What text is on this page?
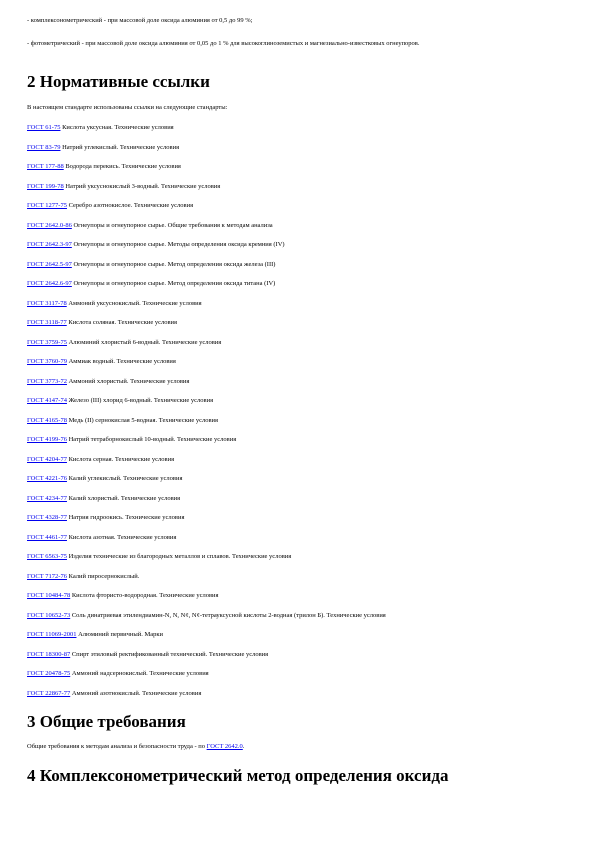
- комплексонометрический - при массовой доле оксида алюминия от 0,5 до 99 %;

- фотометрический - при массовой доле оксида алюминия от 0,05 до 1 % для высокоглиноземистых и магнезиально-известковых огнеупоров.

2 Нормативные ссылки

В настоящем стандарте использованы ссылки на следующие стандарты:

ГОСТ 61-75 Кислота уксусная. Технические условия
ГОСТ 83-79 Натрий углекислый. Технические условия
ГОСТ 177-88 Водорода перекись. Технические условия
ГОСТ 199-78 Натрий уксуснокислый 3-водный. Технические условия
ГОСТ 1277-75 Серебро азотнокислое. Технические условия
ГОСТ 2642.0-86 Огнеупоры и огнеупорное сырье. Общие требования к методам анализа
ГОСТ 2642.3-97 Огнеупоры и огнеупорное сырье. Методы определения оксида кремния (IV)
ГОСТ 2642.5-97 Огнеупоры и огнеупорное сырье. Метод определения оксида железа (III)
ГОСТ 2642.6-97 Огнеупоры и огнеупорное сырье. Метод определения оксида титана (IV)
ГОСТ 3117-78 Аммоний уксуснокислый. Технические условия
ГОСТ 3118-77 Кислота соляная. Технические условия
ГОСТ 3759-75 Алюминий хлористый 6-водный. Технические условия
ГОСТ 3760-79 Аммиак водный. Технические условия
ГОСТ 3773-72 Аммоний хлористый. Технические условия
ГОСТ 4147-74 Железо (III) хлорид 6-водный. Технические условия
ГОСТ 4165-78 Медь (II) сернокислая 5-водная. Технические условия
ГОСТ 4199-76 Натрий тетраборнокислый 10-водный. Технические условия
ГОСТ 4204-77 Кислота серная. Технические условия
ГОСТ 4221-76 Калий углекислый. Технические условия
ГОСТ 4234-77 Калий хлористый. Технические условия
ГОСТ 4328-77 Натрия гидроокись. Технические условия
ГОСТ 4461-77 Кислота азотная. Технические условия
ГОСТ 6563-75 Изделия технические из благородных металлов и сплавов. Технические условия
ГОСТ 7172-76 Калий пиросернокислый.
ГОСТ 10484-78 Кислота фтористо-водородная. Технические условия
ГОСТ 10652-73 Соль динатриевая этилендиамин-N, N, N¢, N¢-тетрауксусной кислоты 2-водная (трилон Б). Технические условия
ГОСТ 11069-2001 Алюминий первичный. Марки
ГОСТ 18300-87 Спирт этиловый ректификованный технический. Технические условия
ГОСТ 20478-75 Аммоний надсернокислый. Технические условия
ГОСТ 22867-77 Аммоний азотнокислый. Технические условия
3 Общие требования

Общие требования к методам анализа и безопасности труда - по ГОСТ 2642.0.

4 Комплексонометрический метод определения оксида
